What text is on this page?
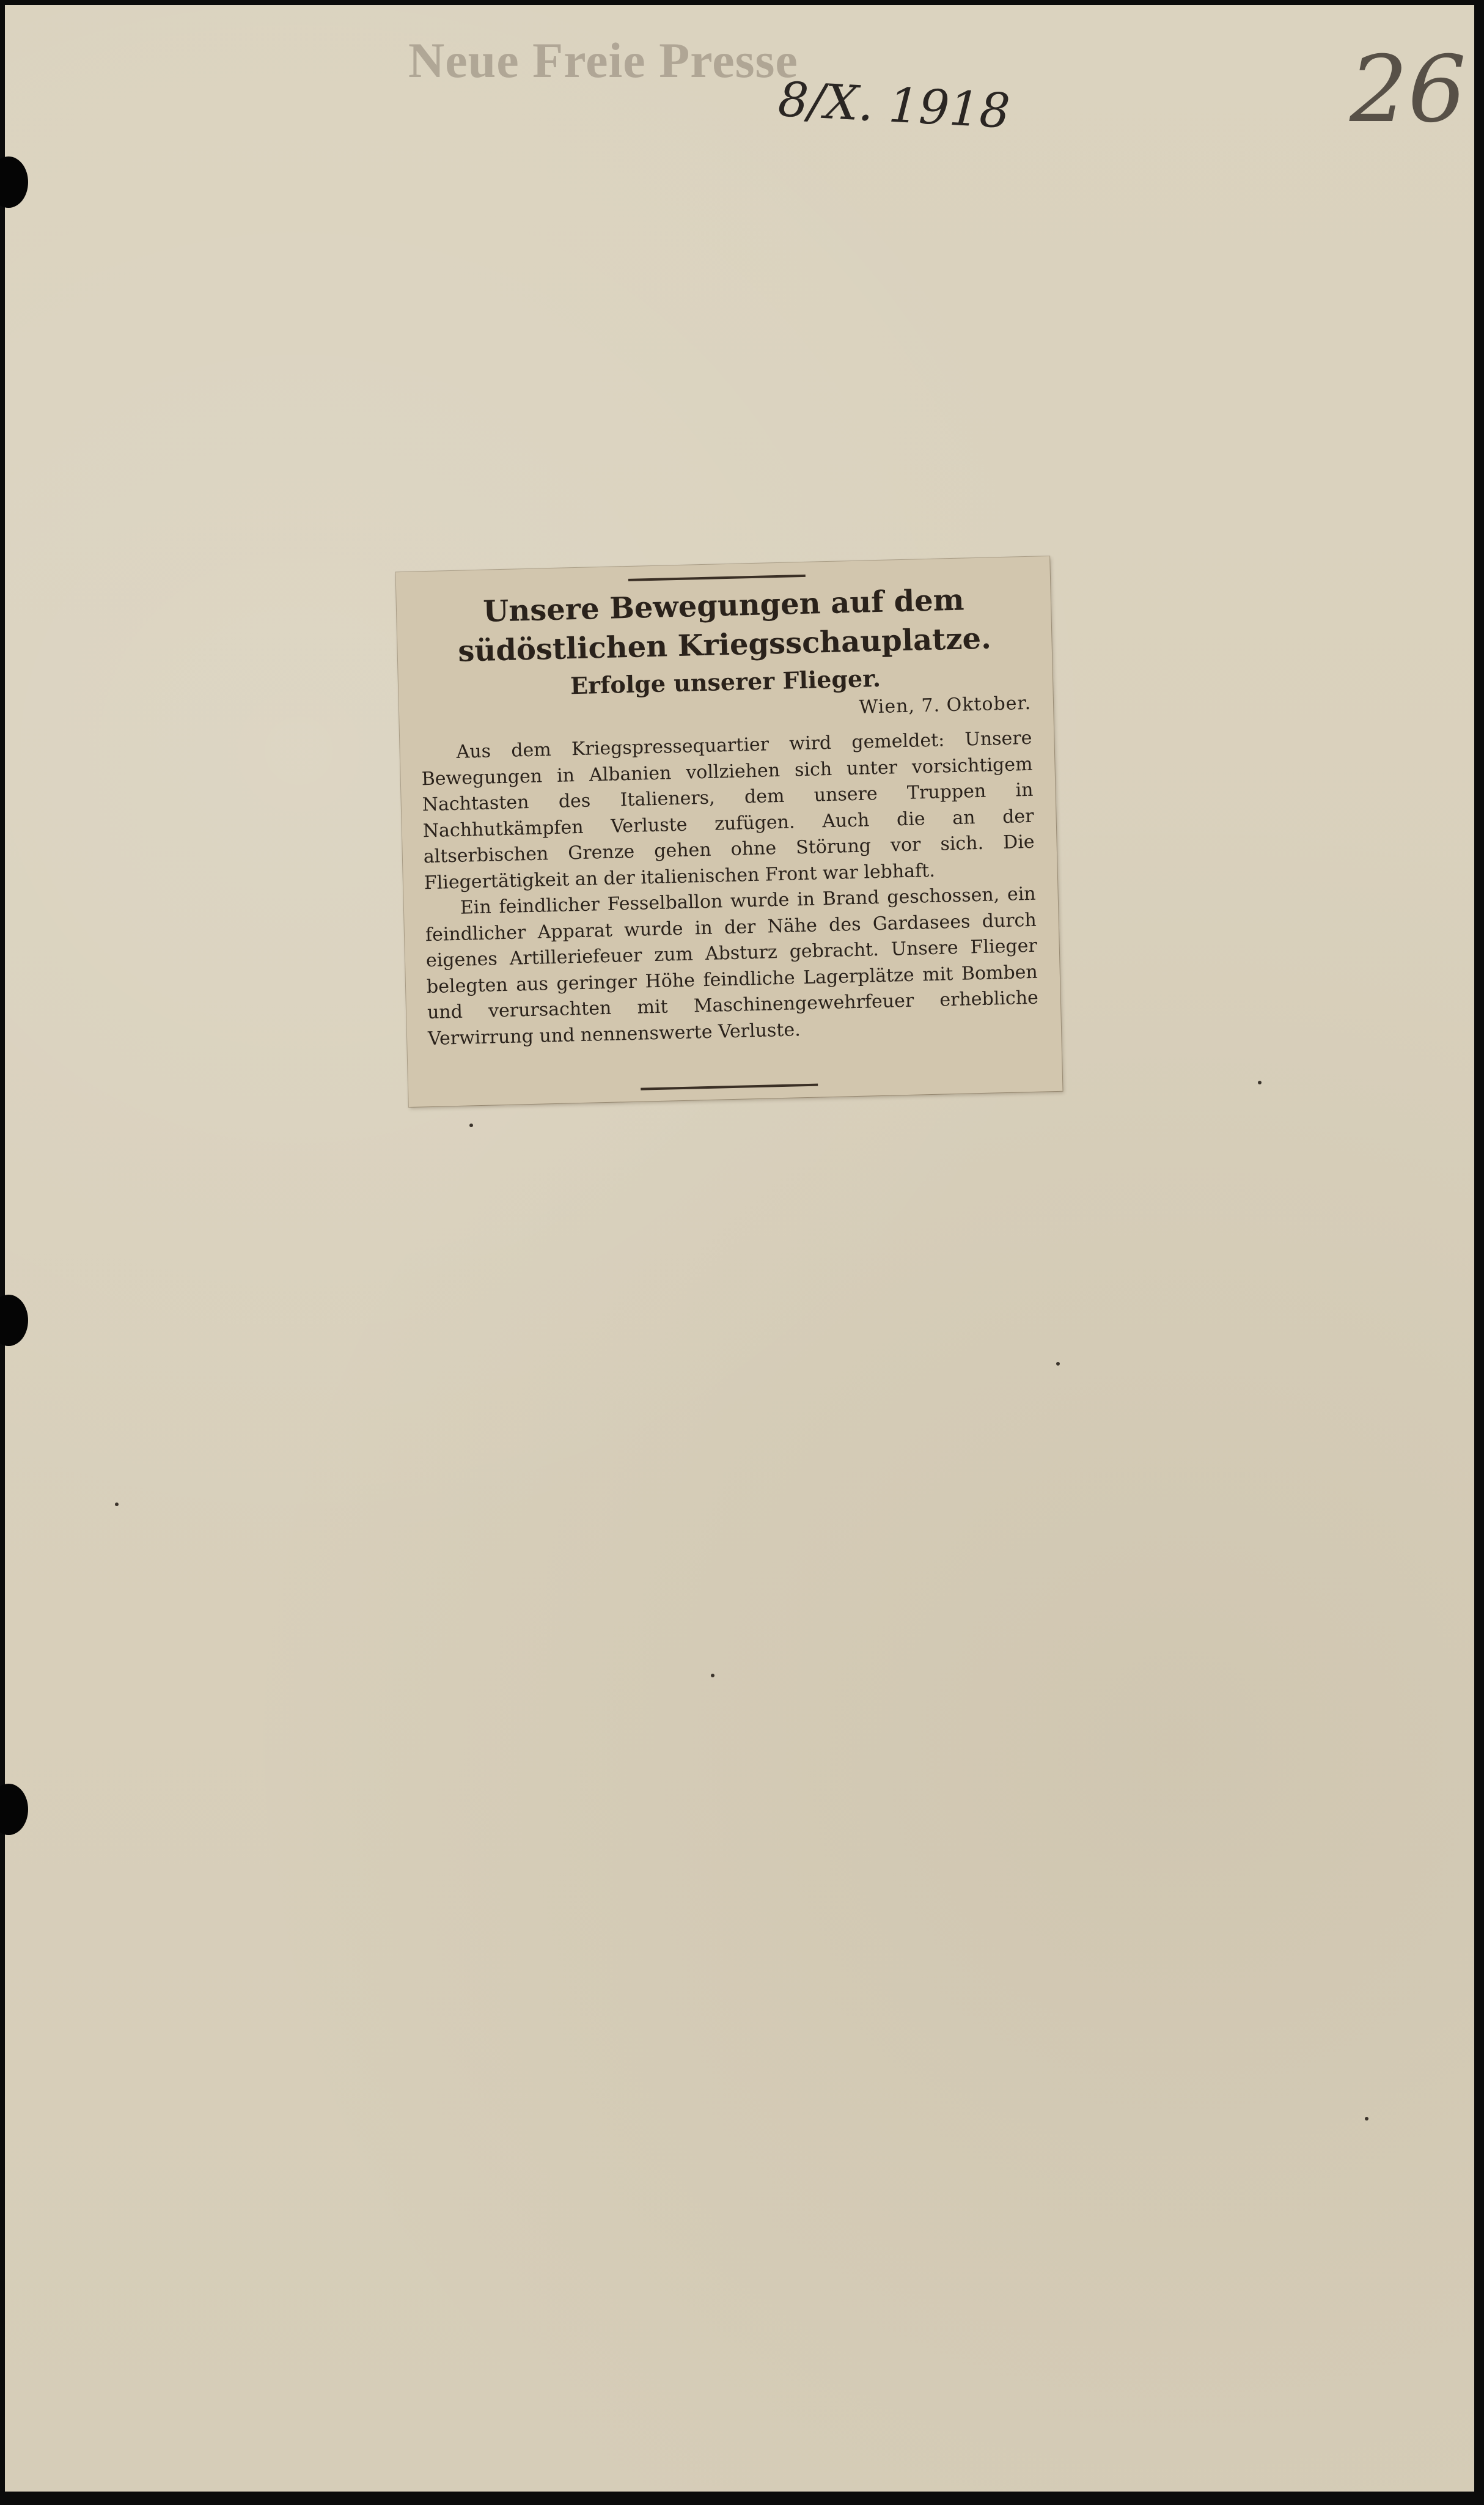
Neue Freie Presse
8/X. 1918	26
Unsere Bewegungen auf dem südöstlichen Kriegsschauplatze.
Erfolge unserer Flieger.
Wien, 7. Oktober.

Aus dem Kriegspressequartier wird gemeldet: Unsere Bewegungen in Albanien vollziehen sich unter vorsichtigem Nachtasten des Italieners, dem unsere Truppen in Nachhutkämpfen Verluste zufügen. Auch die an der altserbischen Grenze gehen ohne Störung vor sich. Die Fliegertätigkeit an der italienischen Front war lebhaft.

Ein feindlicher Fesselballon wurde in Brand geschossen, ein feindlicher Apparat wurde in der Nähe des Gardasees durch eigenes Artilleriefeuer zum Absturz gebracht. Unsere Flieger belegten aus geringer Höhe feindliche Lagerplätze mit Bomben und verursachten mit Maschinengewehrfeuer erhebliche Verwirrung und nennenswerte Verluste.
